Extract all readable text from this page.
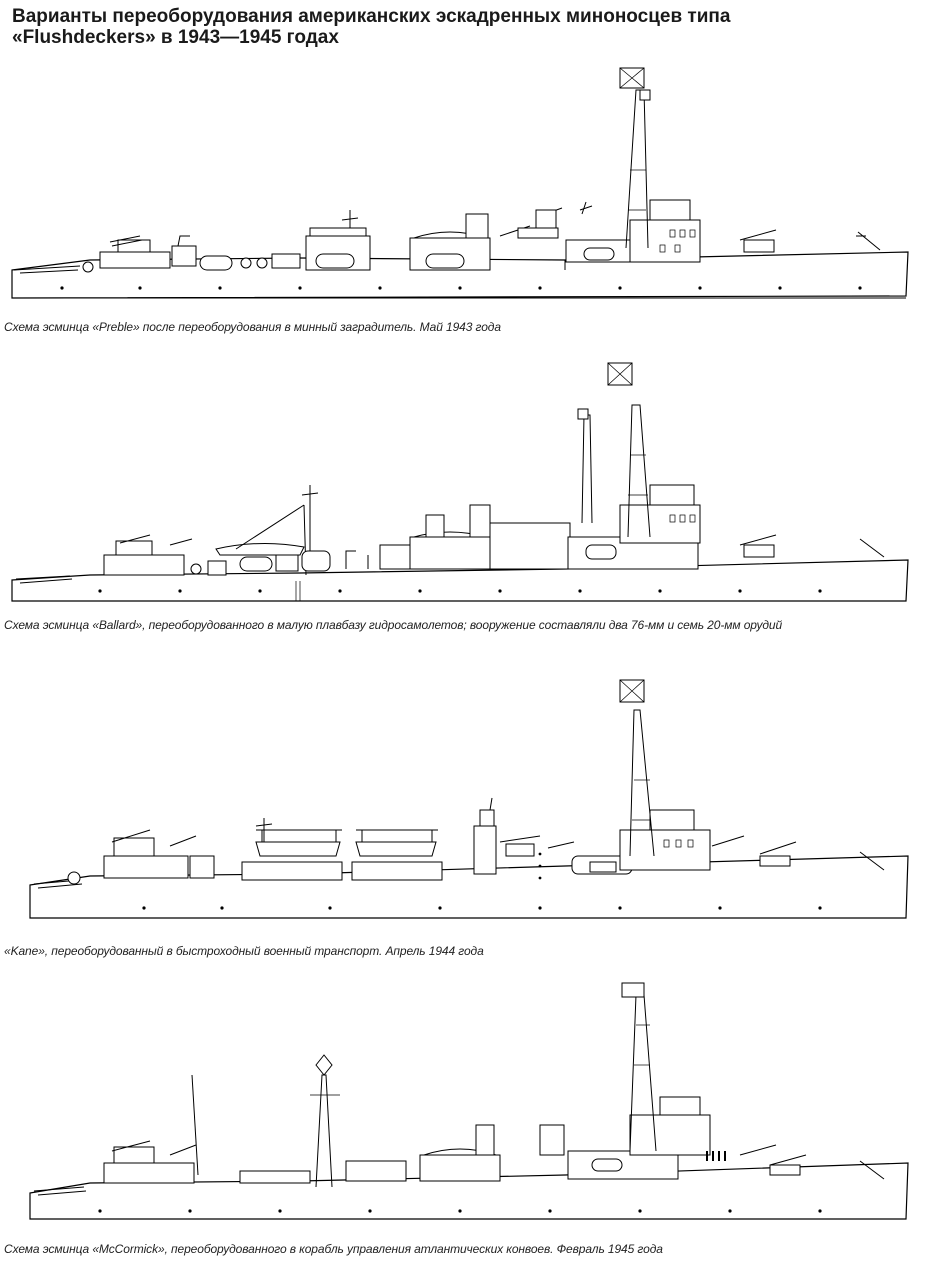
Варианты переоборудования американских эскадренных миноносцев типа
«Flushdeckers» в 1943—1945 годах
Схема эсминца «Preble» после переоборудования в минный заградитель. Май 1943 года
Схема эсминца «Ballard», переоборудованного в малую плавбазу гидросамолетов; вооружение составляли два 76-мм и семь 20-мм орудий
«Kane», переоборудованный в быстроходный военный транспорт. Апрель 1944 года
Схема эсминца «McCormick», переоборудованного в корабль управления атлантических конвоев. Февраль 1945 года
